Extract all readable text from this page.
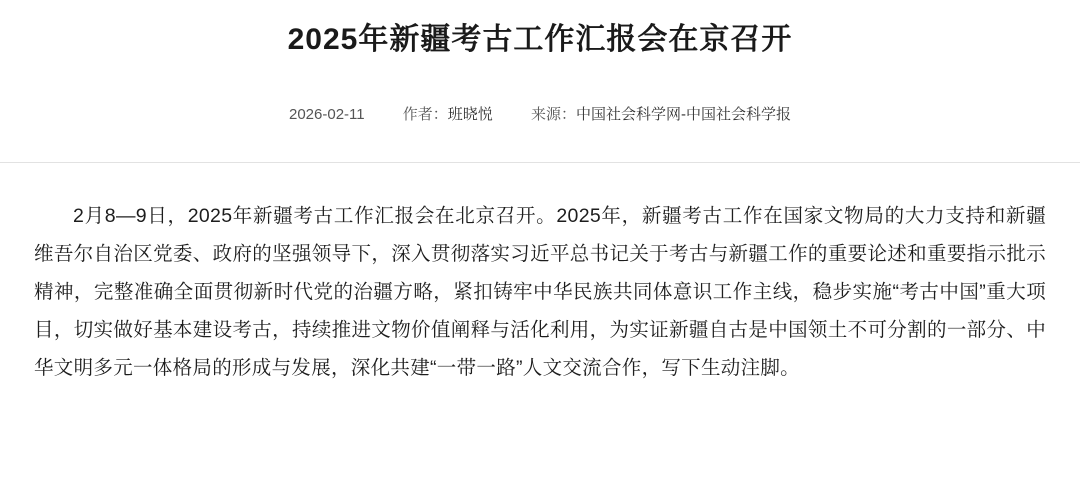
2025年新疆考古工作汇报会在京召开
2026-02-11	作者：班晓悦	来源：中国社会科学网-中国社会科学报

2月8—9日，2025年新疆考古工作汇报会在北京召开。2025年，新疆考古工作在国家文物局的大力支持和新疆维吾尔自治区党委、政府的坚强领导下，深入贯彻落实习近平总书记关于考古与新疆工作的重要论述和重要指示批示精神，完整准确全面贯彻新时代党的治疆方略，紧扣铸牢中华民族共同体意识工作主线，稳步实施“考古中国”重大项目，切实做好基本建设考古，持续推进文物价值阐释与活化利用，为实证新疆自古是中国领土不可分割的一部分、中华文明多元一体格局的形成与发展，深化共建“一带一路”人文交流合作，写下生动注脚。
